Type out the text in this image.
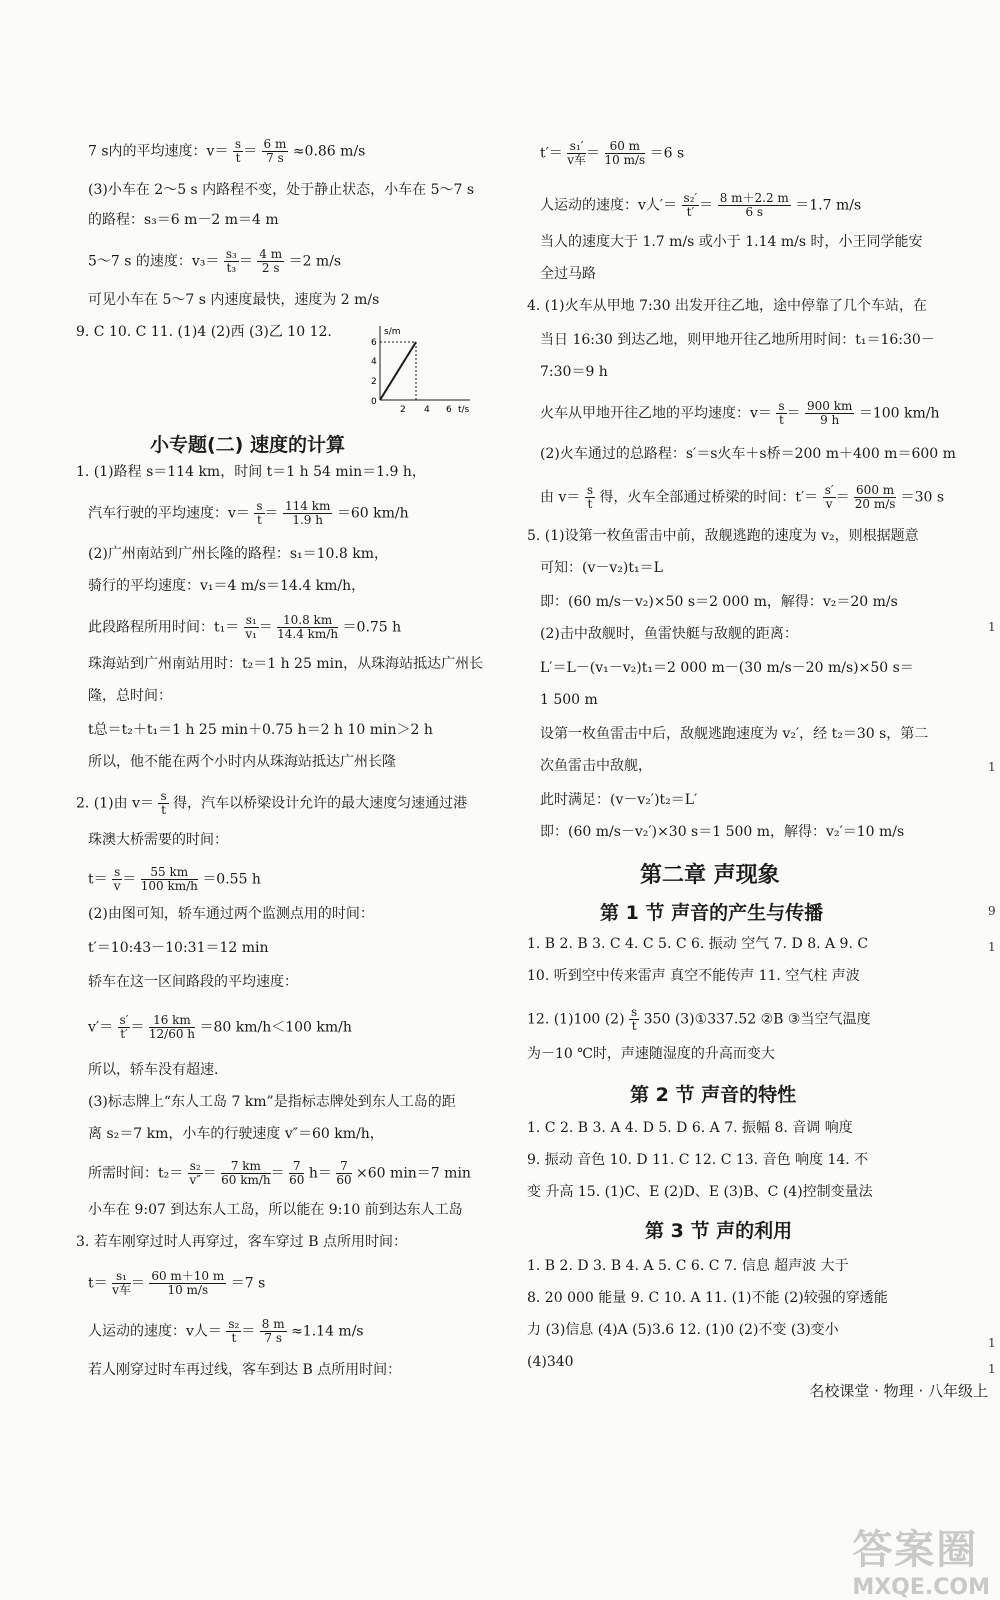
7 s内的平均速度：$v= \frac{s}{t} = \frac{6 m}{7 s} \approx 0.86$ m/s
(3)小车在 2～5 s 内路程不变，处于静止状态，小车在 5～7 s
的路程：s₃＝6 m－2 m＝4 m
5～7 s 的速度：$v_3= \frac{\text{s₃}}{\text{t₃}} = \frac{4 m}{2 s} =2$ m/s
可见小车在 5～7 s 内速度最快，速度为 2 m/s
9. C 10. C 11. (1)4 (2)西 (3)乙 10 12.	s/m
t/s
0
2
4
6
2 4 6
小专题(二) 速度的计算
1. (1)路程 s＝114 km，时间 t＝1 h 54 min＝1.9 h，
汽车行驶的平均速度：$v= \frac{s}{t} = \frac{114 km}{1.9 h} =60$ km/h
(2)广州南站到广州长隆的路程：s₁＝10.8 km，
骑行的平均速度：v₁＝4 m/s＝14.4 km/h，
此段路程所用时间：$t_1= \frac{\text{s₁}}{\text{v₁}} = \frac{10.8 km}{14.4 km/h} =0.75$ h
珠海站到广州南站用时：t₂＝1 h 25 min，从珠海站抵达广州长
隆，总时间：
t总＝t₂＋t₁＝1 h 25 min＋0.75 h＝2 h 10 min＞2 h
所以，他不能在两个小时内从珠海站抵达广州长隆
2. (1)由 $v= \frac{s}{t}$ 得，汽车以桥梁设计允许的最大速度匀速通过港
珠澳大桥需要的时间：
$t= \frac{s}{v} = \frac{55 km}{100 km/h} =0.55$ h
(2)由图可知，轿车通过两个监测点用的时间：
t′＝10:43－10:31＝12 min
轿车在这一区间路段的平均速度：
$v'= \frac{s'}{t'} = \frac{16 km}{12/60 h} =80$ km/h＜100 km/h
所以，轿车没有超速.
(3)标志牌上“东人工岛 7 km”是指标志牌处到东人工岛的距
离 s₂＝7 km，小车的行驶速度 v″＝60 km/h，
所需时间：$t_2= \frac{\text{s₂}}{v''} = \frac{7 km}{60 km/h} = \frac{7}{60} h= \frac{7}{60} \times 60$ min＝7 min
小车在 9:07 到达东人工岛，所以能在 9:10 前到达东人工岛
3. 若车刚穿过时人再穿过，客车穿过 B 点所用时间：
$t= \frac{\text{s₁}}{\text{v车}} = \frac{60 m+10 m}{10 m/s} =7$ s
人运动的速度：v人＝ $\frac{\text{s₂}}{t} = \frac{8 m}{7 s} \approx 1.14$ m/s
若人刚穿过时车再过线，客车到达 B 点所用时间：
$t'= \frac{\text{s₁′}}{\text{v车}} = \frac{60 m}{10 m/s} =6$ s
人运动的速度：v人′＝ $\frac{\text{s₂′}}{t'} = \frac{8 m+2.2 m}{6 s} =1.7$ m/s
当人的速度大于 1.7 m/s 或小于 1.14 m/s 时，小王同学能安
全过马路
4. (1)火车从甲地 7:30 出发开往乙地，途中停靠了几个车站，在
当日 16:30 到达乙地，则甲地开往乙地所用时间：t₁＝16:30－
7:30＝9 h
火车从甲地开往乙地的平均速度：$v= \frac{s}{t} = \frac{900 km}{9 h} =100$ km/h
(2)火车通过的总路程：s′＝s火车＋s桥＝200 m＋400 m＝600 m
由 $v= \frac{s}{t}$ 得，火车全部通过桥梁的时间：$t'= \frac{s'}{v} = \frac{600 m}{20 m/s} =30$ s
5. (1)设第一枚鱼雷击中前，敌舰逃跑的速度为 v₂，则根据题意
可知：(v－v₂)t₁＝L
即：(60 m/s－v₂)×50 s＝2 000 m，解得：v₂＝20 m/s
(2)击中敌舰时，鱼雷快艇与敌舰的距离：
L′＝L－(v₁－v₂)t₁＝2 000 m－(30 m/s－20 m/s)×50 s＝
1 500 m
设第一枚鱼雷击中后，敌舰逃跑速度为 v₂′，经 t₂＝30 s，第二
次鱼雷击中敌舰，
此时满足：(v－v₂′)t₂＝L′
即：(60 m/s－v₂′)×30 s＝1 500 m，解得：v₂′＝10 m/s
第二章 声现象
第 1 节 声音的产生与传播
1. B 2. B 3. C 4. C 5. C 6. 振动 空气 7. D 8. A 9. C
10. 听到空中传来雷声 真空不能传声 11. 空气柱 声波
12. (1)100 $(2) \frac{s}{t} 350$ (3)①337.52 ②B ③当空气温度
为－10 ℃时，声速随湿度的升高而变大
第 2 节 声音的特性
1. C 2. B 3. A 4. D 5. D 6. A 7. 振幅 8. 音调 响度
9. 振动 音色 10. D 11. C 12. C 13. 音色 响度 14. 不
变 升高 15. (1)C、E (2)D、E (3)B、C (4)控制变量法
第 3 节 声的利用
1. B 2. D 3. B 4. A 5. C 6. C 7. 信息 超声波 大于
8. 20 000 能量 9. C 10. A 11. (1)不能 (2)较强的穿透能
力 (3)信息 (4)A (5)3.6 12. (1)0 (2)不变 (3)变小
(4)340
1
1
9
1
1
1
名校课堂 · 物理 · 八年级上
答案圈
MXQE.COM
